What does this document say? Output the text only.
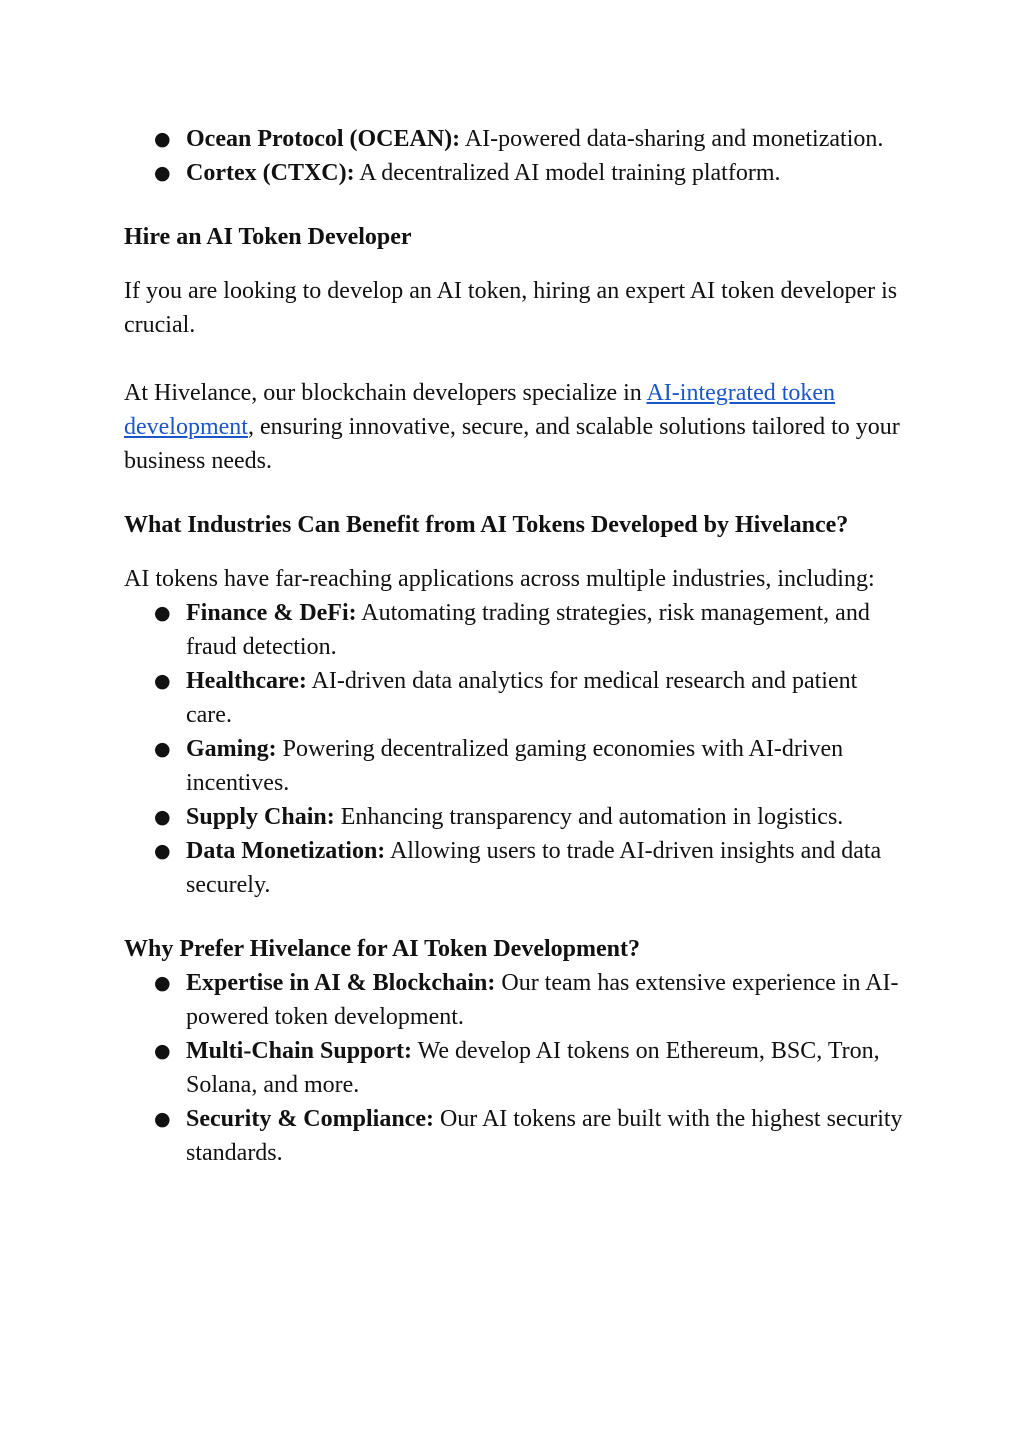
● Ocean Protocol (OCEAN): AI-powered data-sharing and monetization.
● Cortex (CTXC): A decentralized AI model training platform.
Hire an AI Token Developer

If you are looking to develop an AI token, hiring an expert AI token developer is crucial.

At Hivelance, our blockchain developers specialize in AI-integrated token development, ensuring innovative, secure, and scalable solutions tailored to your business needs.

What Industries Can Benefit from AI Tokens Developed by Hivelance?

AI tokens have far-reaching applications across multiple industries, including:

● Finance & DeFi: Automating trading strategies, risk management, and fraud detection.
● Healthcare: AI-driven data analytics for medical research and patient care.
● Gaming: Powering decentralized gaming economies with AI-driven incentives.
● Supply Chain: Enhancing transparency and automation in logistics.
● Data Monetization: Allowing users to trade AI-driven insights and data securely.
Why Prefer Hivelance for AI Token Development?
● Expertise in AI & Blockchain: Our team has extensive experience in AI-powered token development.
● Multi-Chain Support: We develop AI tokens on Ethereum, BSC, Tron, Solana, and more.
● Security & Compliance: Our AI tokens are built with the highest security standards.
